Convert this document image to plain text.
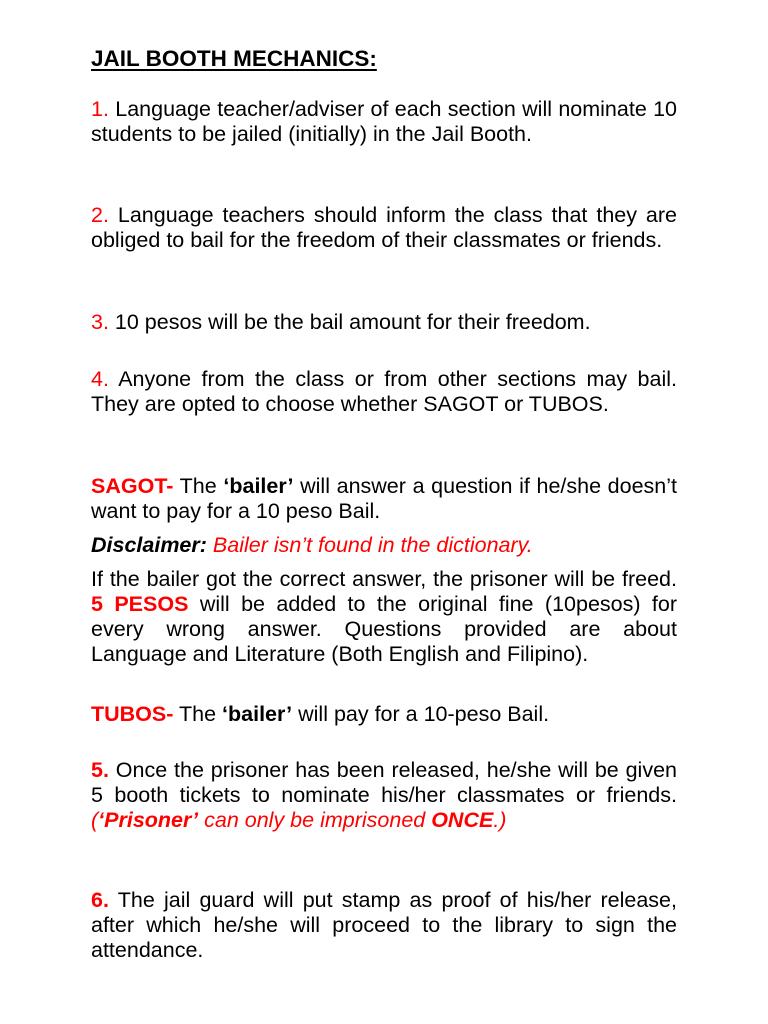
JAIL BOOTH MECHANICS:

1. Language teacher/adviser of each section will nominate 10 students to be jailed (initially) in the Jail Booth.

2. Language teachers should inform the class that they are obliged to bail for the freedom of their classmates or friends.

3. 10 pesos will be the bail amount for their freedom.

4. Anyone from the class or from other sections may bail. They are opted to choose whether SAGOT or TUBOS.

SAGOT- The ‘bailer’ will answer a question if he/she doesn’t want to pay for a 10 peso Bail.

Disclaimer: Bailer isn’t found in the dictionary.

If the bailer got the correct answer, the prisoner will be freed. 5 PESOS will be added to the original fine (10pesos) for every wrong answer. Questions provided are about Language and Literature (Both English and Filipino).

TUBOS- The ‘bailer’ will pay for a 10-peso Bail.

5. Once the prisoner has been released, he/she will be given 5 booth tickets to nominate his/her classmates or friends. (‘Prisoner’ can only be imprisoned ONCE.)

6. The jail guard will put stamp as proof of his/her release, after which he/she will proceed to the library to sign the attendance.
